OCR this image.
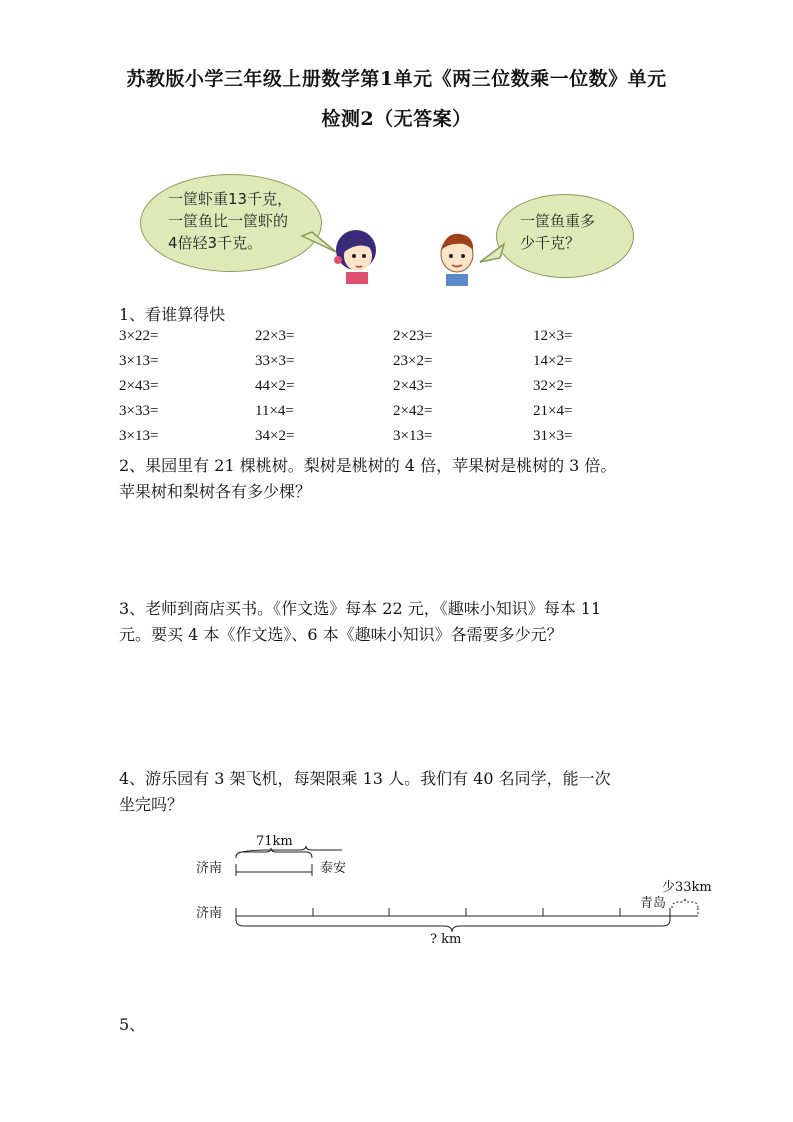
苏教版小学三年级上册数学第1单元《两三位数乘一位数》单元
检测2（无答案）
一筐虾重13千克，
一筐鱼比一筐虾的
4倍轻3千克。
一筐鱼重多
少千克？
1、看谁算得快
3×22=	22×3=	2×23=	12×3=
3×13=	33×3=	23×2=	14×2=
2×43=	44×2=	2×43=	32×2=
3×33=	11×4=	2×42=	21×4=
3×13=	34×2=	3×13=	31×3=
2、果园里有 21 棵桃树。梨树是桃树的 4 倍，苹果树是桃树的 3 倍。
苹果树和梨树各有多少棵？
3、老师到商店买书。《作文选》每本 22 元，《趣味小知识》每本 11
元。要买 4 本《作文选》、6 本《趣味小知识》各需要多少元？
4、游乐园有 3 架飞机，每架限乘 13 人。我们有 40 名同学，能一次
坐完吗？
71km
济南	泰安
济南
青岛
少33km
? km
5、
